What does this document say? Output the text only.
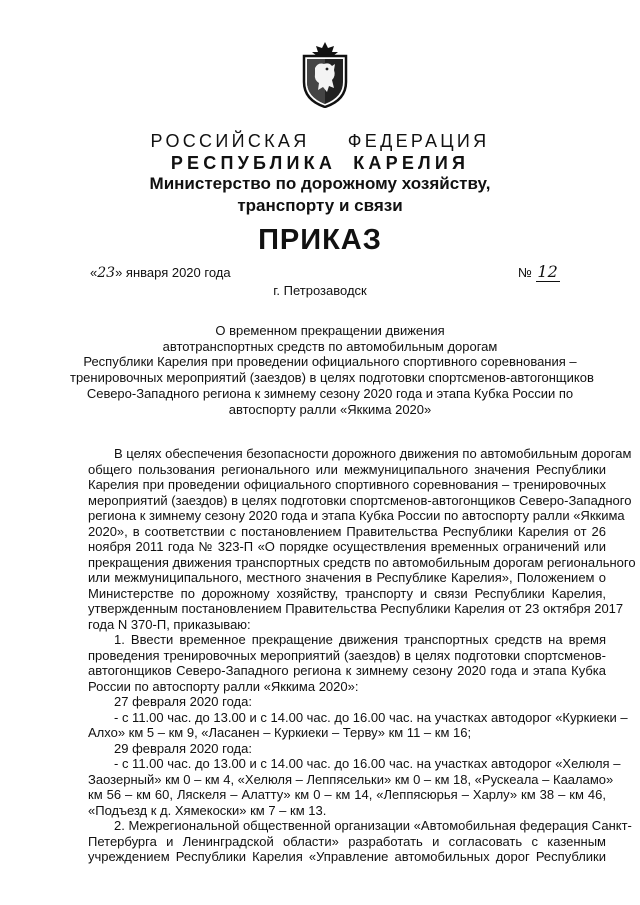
РОССИЙСКАЯ ФЕДЕРАЦИЯ
РЕСПУБЛИКА КАРЕЛИЯ
Министерство по дорожному хозяйству,
транспорту и связи
ПРИКАЗ
«23» января 2020 года	№ 12
г. Петрозаводск
О временном прекращении движения
автотранспортных средств по автомобильным дорогам
Республики Карелия при проведении официального спортивного соревнования –
тренировочных мероприятий (заездов) в целях подготовки спортсменов-автогонщиков
Северо-Западного региона к зимнему сезону 2020 года и этапа Кубка России по
автоспорту ралли «Яккима 2020»
В целях обеспечения безопасности дорожного движения по автомобильным дорогам
общего пользования регионального или межмуниципального значения Республики
Карелия при проведении официального спортивного соревнования – тренировочных
мероприятий (заездов) в целях подготовки спортсменов-автогонщиков Северо-Западного
региона к зимнему сезону 2020 года и этапа Кубка России по автоспорту ралли «Яккима
2020», в соответствии с постановлением Правительства Республики Карелия от 26
ноября 2011 года № 323-П «О порядке осуществления временных ограничений или
прекращения движения транспортных средств по автомобильным дорогам регионального
или межмуниципального, местного значения в Республике Карелия», Положением о
Министерстве по дорожному хозяйству, транспорту и связи Республики Карелия,
утвержденным постановлением Правительства Республики Карелия от 23 октября 2017
года N 370-П, приказываю:
1. Ввести временное прекращение движения транспортных средств на время
проведения тренировочных мероприятий (заездов) в целях подготовки спортсменов-
автогонщиков Северо-Западного региона к зимнему сезону 2020 года и этапа Кубка
России по автоспорту ралли «Яккима 2020»:
27 февраля 2020 года:
- с 11.00 час. до 13.00 и с 14.00 час. до 16.00 час. на участках автодорог «Куркиеки –
Алхо» км 5 – км 9, «Ласанен – Куркиеки – Терву» км 11 – км 16;
29 февраля 2020 года:
- с 11.00 час. до 13.00 и с 14.00 час. до 16.00 час. на участках автодорог «Хелюля –
Заозерный» км 0 – км 4, «Хелюля – Леппясельки» км 0 – км 18, «Рускеала – Кааламо»
км 56 – км 60, Ляскеля – Алатту» км 0 – км 14, «Леппясюрья – Харлу» км 38 – км 46,
«Подъезд к д. Хямекоски» км 7 – км 13.
2. Межрегиональной общественной организации «Автомобильная федерация Санкт-
Петербурга и Ленинградской области» разработать и согласовать с казенным
учреждением Республики Карелия «Управление автомобильных дорог Республики
